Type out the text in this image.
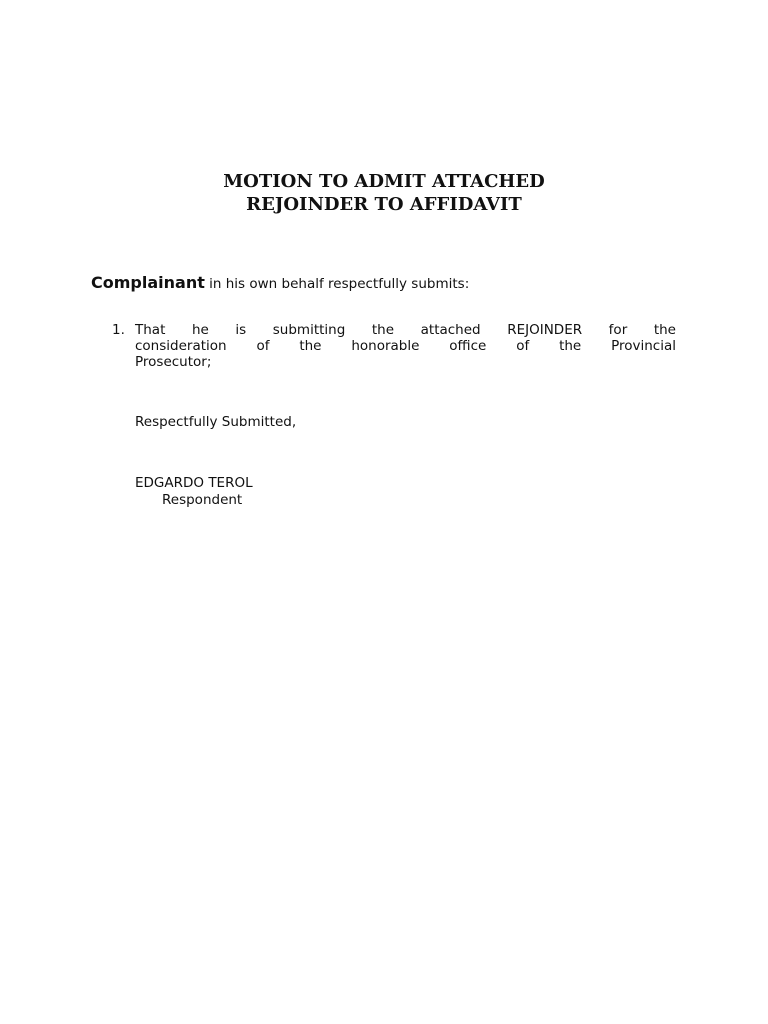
MOTION TO ADMIT ATTACHED
REJOINDER TO AFFIDAVIT
Complainant in his own behalf respectfully submits:
1. That he is submitting the attached REJOINDER for the
consideration of the honorable office of the Provincial
Prosecutor;
Respectfully Submitted,
EDGARDO TEROL
Respondent
